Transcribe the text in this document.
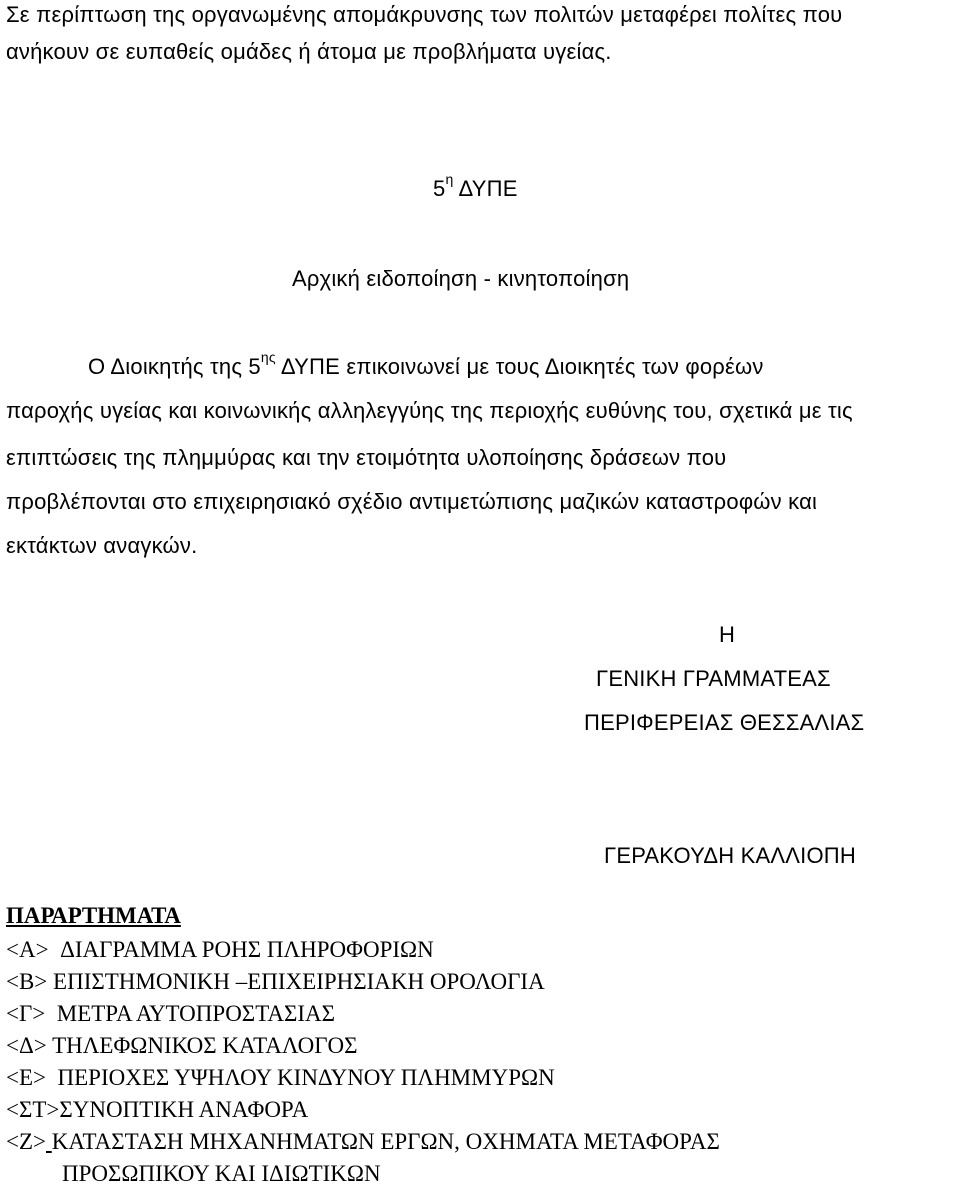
Σε περίπτωση της οργανωμένης απομάκρυνσης των πολιτών μεταφέρει πολίτες που

ανήκουν σε ευπαθείς ομάδες ή άτομα με προβλήματα υγείας.

$5^\eta$ ΔΥΠΕ

Αρχική ειδοποίηση - κινητοποίηση

Ο Διοικητής της $5^{\eta\varsigma}$ ΔΥΠΕ επικοινωνεί με τους Διοικητές των φορέων

παροχής υγείας και κοινωνικής αλληλεγγύης της περιοχής ευθύνης του, σχετικά με τις

επιπτώσεις της πλημμύρας και την ετοιμότητα υλοποίησης δράσεων που

προβλέπονται στο επιχειρησιακό σχέδιο αντιμετώπισης μαζικών καταστροφών και

εκτάκτων αναγκών.

Η

ΓΕΝΙΚΗ ΓΡΑΜΜΑΤΕΑΣ

ΠΕΡΙΦΕΡΕΙΑΣ ΘΕΣΣΑΛΙΑΣ

ΓΕΡΑΚΟΥΔΗ ΚΑΛΛΙΟΠΗ

ΠΑΡΑΡΤΗΜΑΤΑ

<Α> ΔΙΑΓΡΑΜΜΑ ΡΟΗΣ ΠΛΗΡΟΦΟΡΙΩΝ
<Β> ΕΠΙΣΤΗΜΟΝΙΚΗ –ΕΠΙΧΕΙΡΗΣΙΑΚΗ ΟΡΟΛΟΓΙΑ
<Γ> ΜΕΤΡΑ ΑΥΤΟΠΡΟΣΤΑΣΙΑΣ
<Δ> ΤΗΛΕΦΩΝΙΚΟΣ ΚΑΤΑΛΟΓΟΣ
<Ε> ΠΕΡΙΟΧΕΣ ΥΨΗΛΟΥ ΚΙΝΔΥΝΟΥ ΠΛΗΜΜΥΡΩΝ
<ΣΤ>ΣΥΝΟΠΤΙΚΗ ΑΝΑΦΟΡΑ
<Ζ> ΚΑΤΑΣΤΑΣΗ ΜΗΧΑΝΗΜΑΤΩΝ ΕΡΓΩΝ, ΟΧΗΜΑΤΑ ΜΕΤΑΦΟΡΑΣ
ΠΡΟΣΩΠΙΚΟΥ ΚΑΙ ΙΔΙΩΤΙΚΩΝ
